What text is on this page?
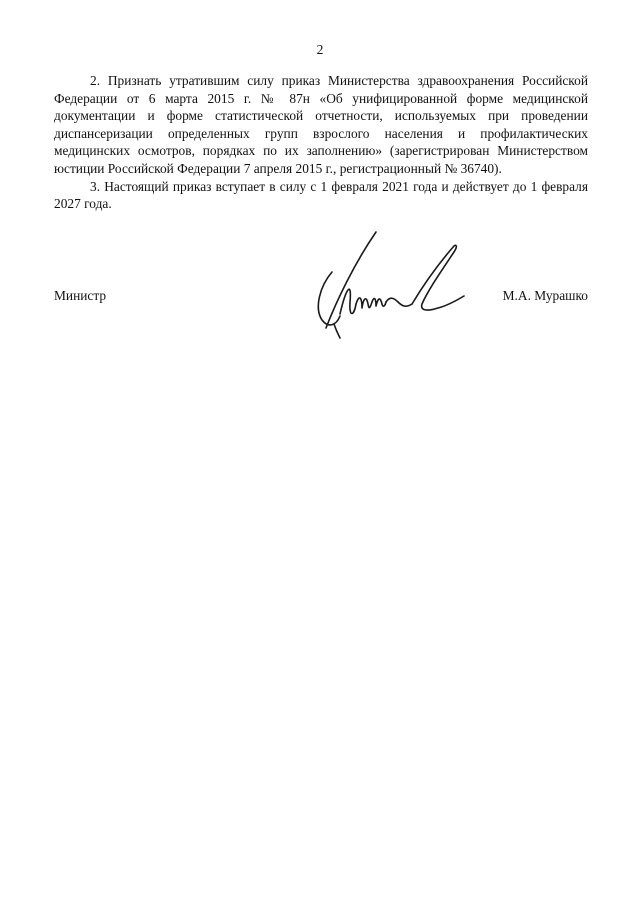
2

2. Признать утратившим силу приказ Министерства здравоохранения Российской Федерации от 6 марта 2015 г. № 87н «Об унифицированной форме медицинской документации и форме статистической отчетности, используемых при проведении диспансеризации определенных групп взрослого населения и профилактических медицинских осмотров, порядках по их заполнению» (зарегистрирован Министерством юстиции Российской Федерации 7 апреля 2015 г., регистрационный № 36740).

3. Настоящий приказ вступает в силу с 1 февраля 2021 года и действует до 1 февраля 2027 года.

Министр	М.А. Мурашко
